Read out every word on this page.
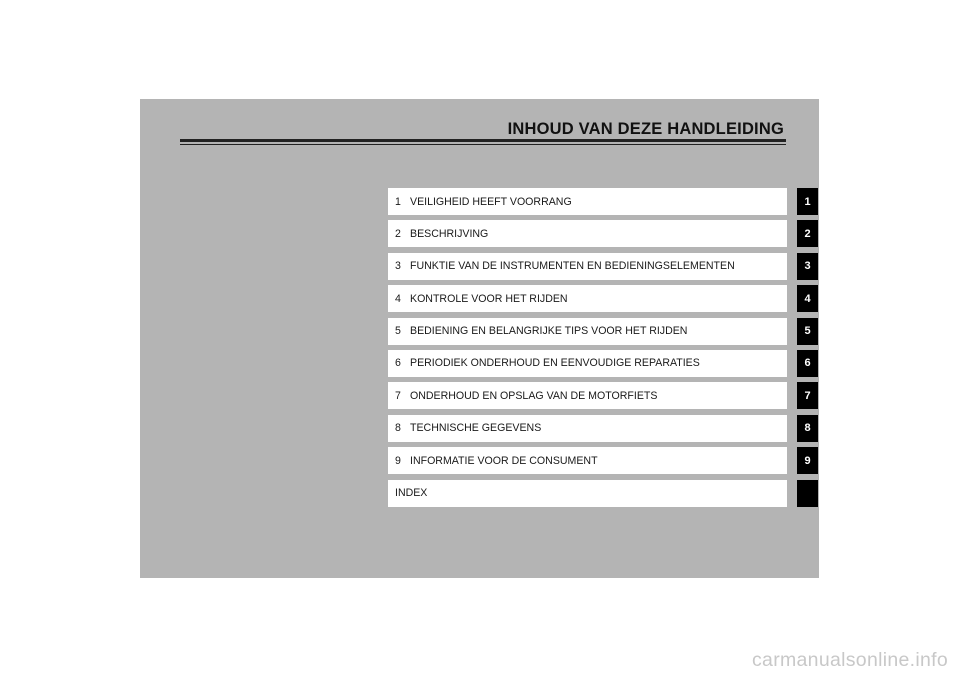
INHOUD VAN DEZE HANDLEIDING
1 VEILIGHEID HEEFT VOORRANG	1
2 BESCHRIJVING	2
3 FUNKTIE VAN DE INSTRUMENTEN EN BEDIENINGSELEMENTEN	3
4 KONTROLE VOOR HET RIJDEN	4
5 BEDIENING EN BELANGRIJKE TIPS VOOR HET RIJDEN	5
6 PERIODIEK ONDERHOUD EN EENVOUDIGE REPARATIES	6
7 ONDERHOUD EN OPSLAG VAN DE MOTORFIETS	7
8 TECHNISCHE GEGEVENS	8
9 INFORMATIE VOOR DE CONSUMENT	9
INDEX
carmanualsonline.info
